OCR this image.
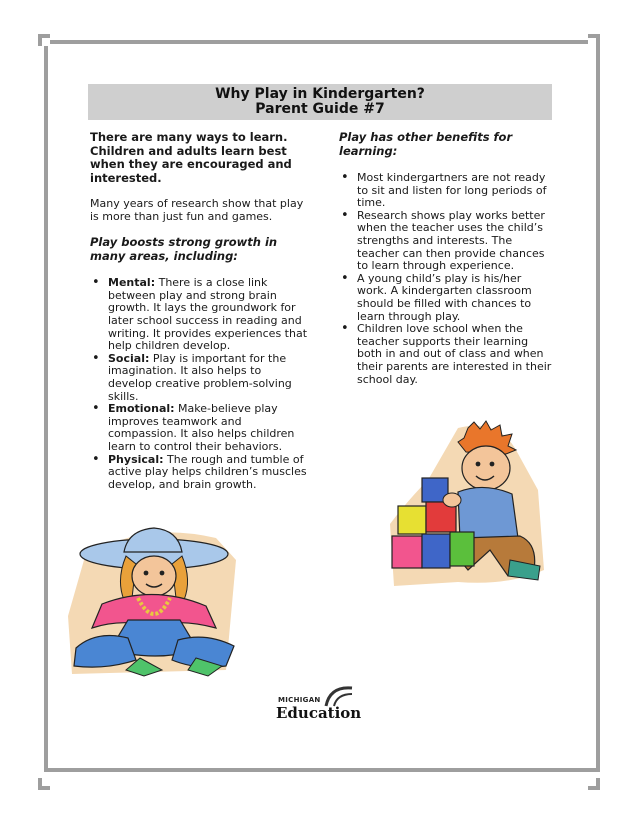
Why Play in Kindergarten?
Parent Guide #7

There are many ways to learn. Children and adults learn best when they are encouraged and interested.

Many years of research show that play is more than just fun and games.

Play boosts strong growth in many areas, including:

• Mental: There is a close link between play and strong brain growth. It lays the groundwork for later school success in reading and writing. It provides experiences that help children develop.
• Social: Play is important for the imagination. It also helps to develop creative problem-solving skills.
• Emotional: Make-believe play improves teamwork and compassion. It also helps children learn to control their behaviors.
• Physical: The rough and tumble of active play helps children’s muscles develop, and brain growth.

Play has other benefits for learning:

• Most kindergartners are not ready to sit and listen for long periods of time.
• Research shows play works better when the teacher uses the child’s strengths and interests. The teacher can then provide chances to learn through experience.
• A young child’s play is his/her work. A kindergarten classroom should be filled with chances to learn through play.
• Children love school when the teacher supports their learning both in and out of class and when their parents are interested in their school day.
MICHIGAN
Education
